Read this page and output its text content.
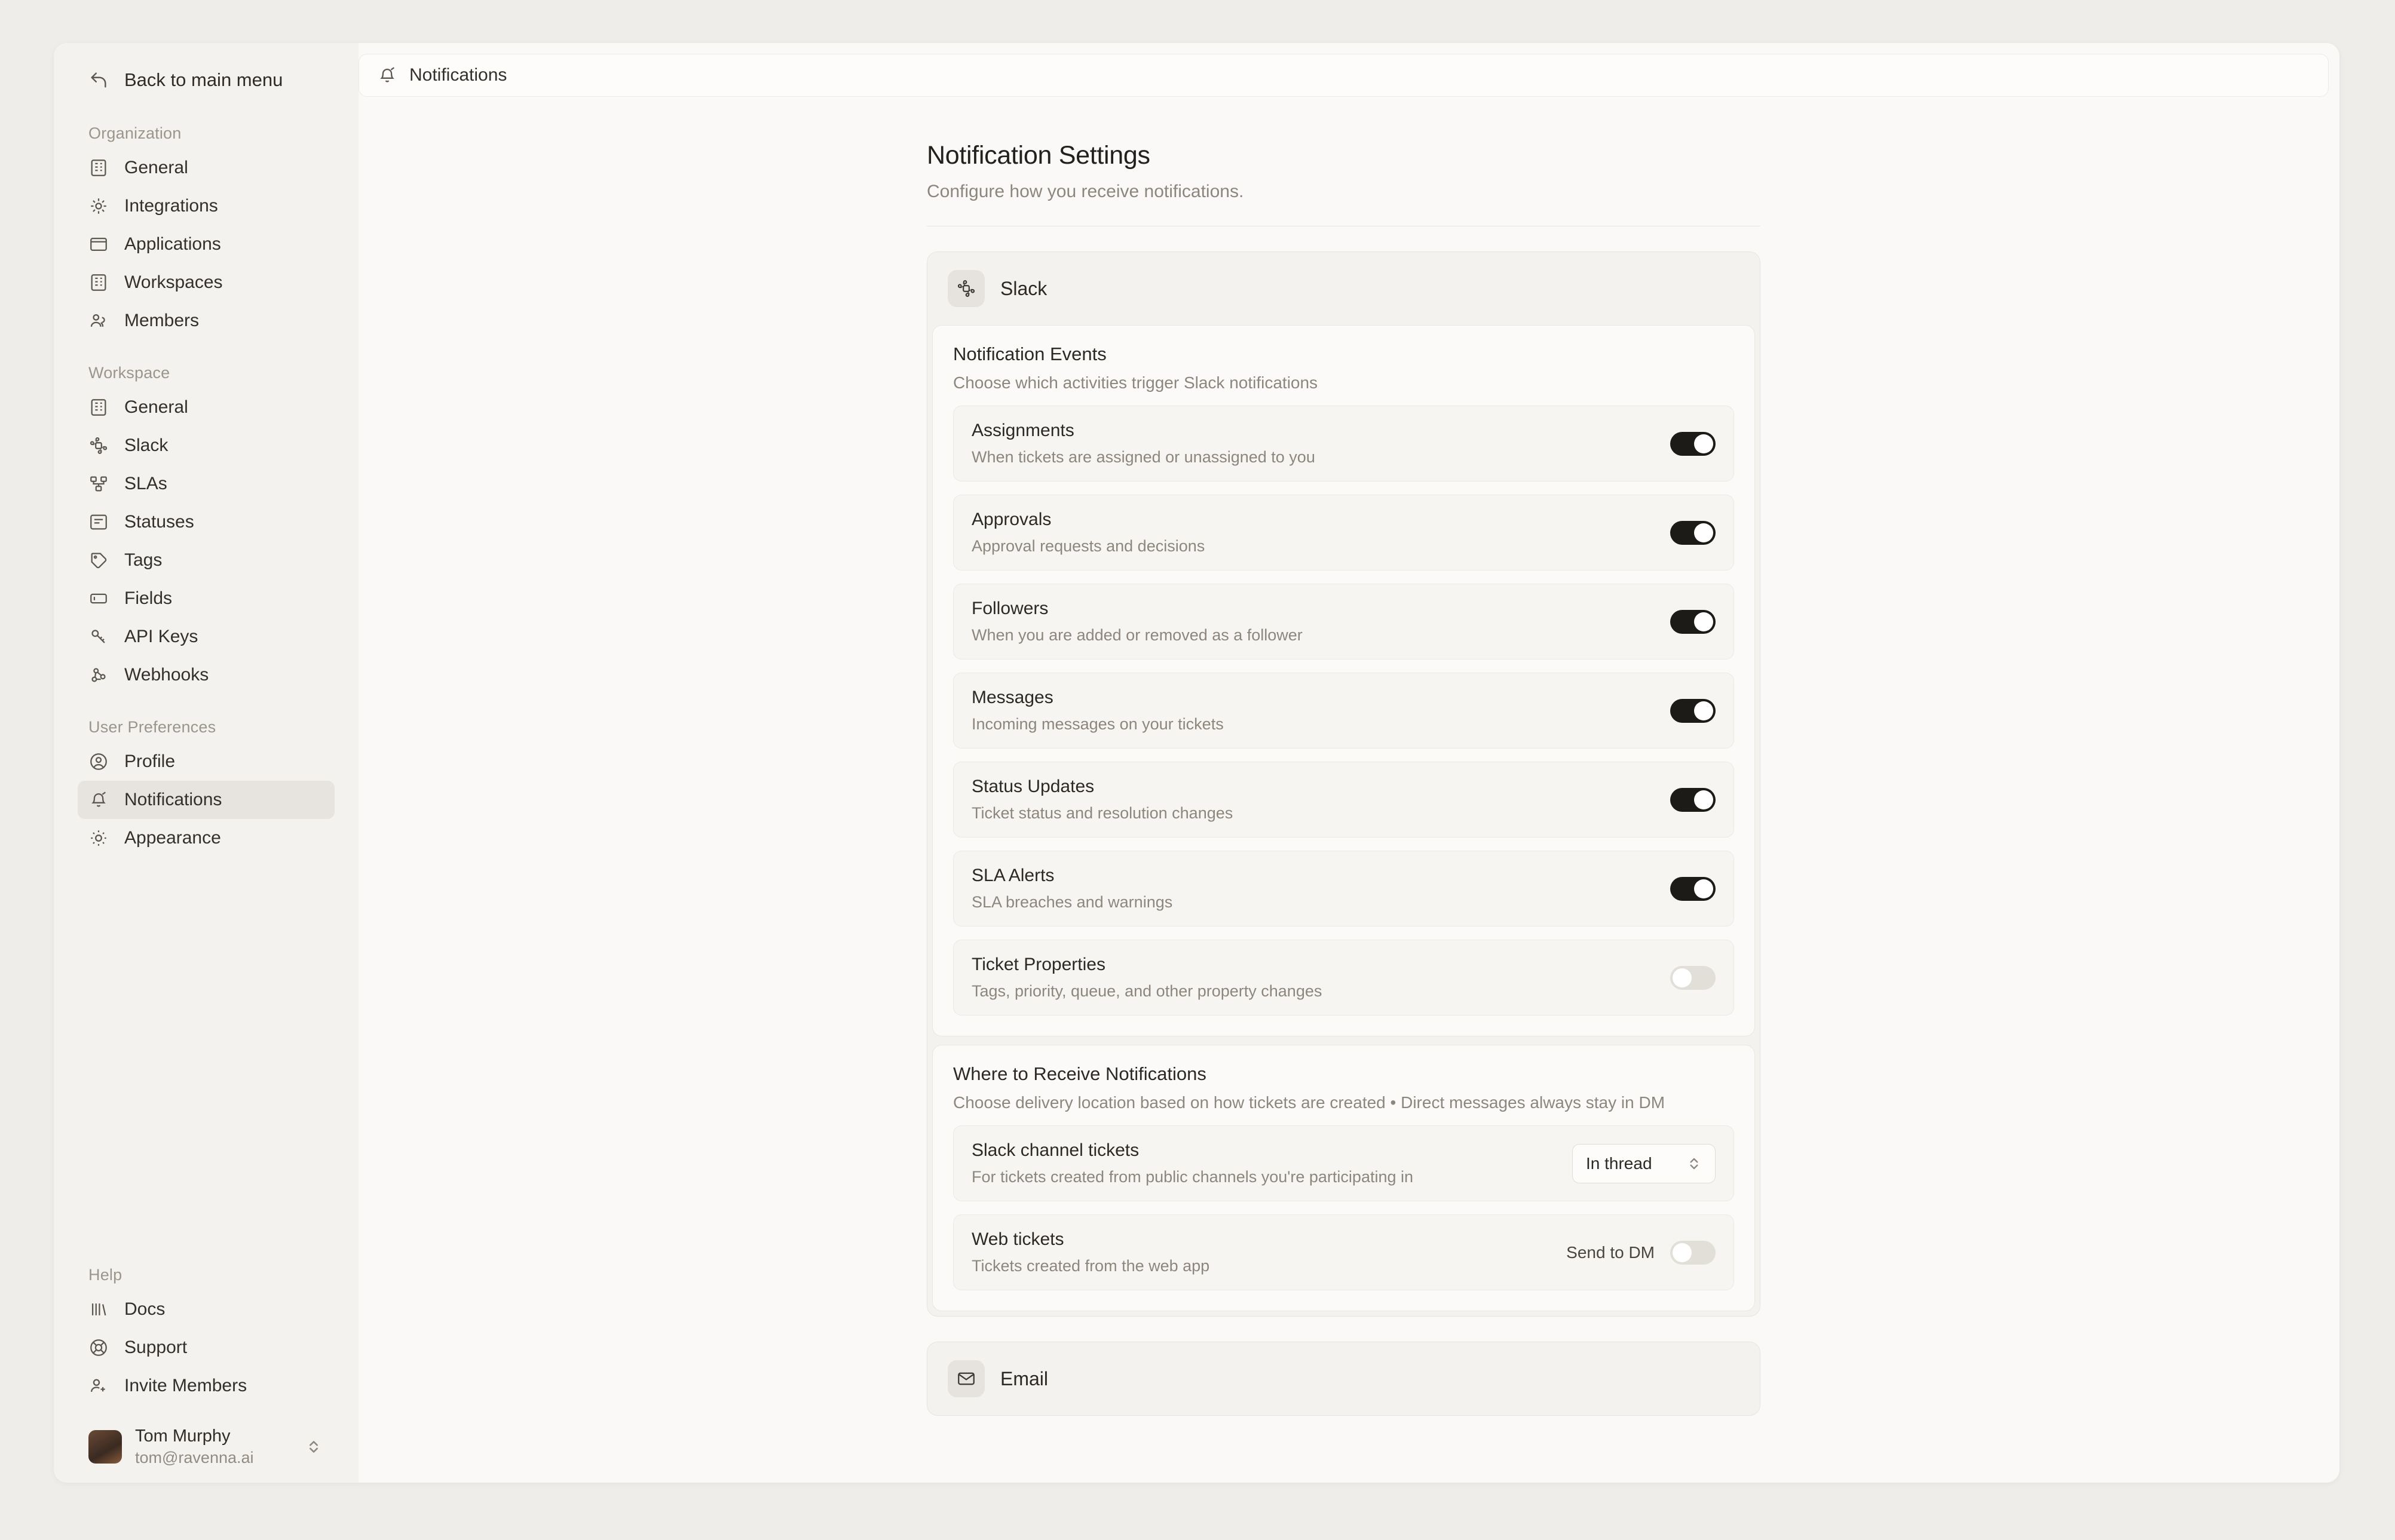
Back to main menu
Organization
General
Integrations
Applications
Workspaces
Members
Workspace
General
Slack
SLAs
Statuses
Tags
Fields
API Keys
Webhooks
User Preferences
Profile
Notifications
Appearance
Help
Docs
Support
Invite Members
Tom Murphy
tom@ravenna.ai
Notifications
Notification Settings
Configure how you receive notifications.
Slack
Notification Events
Choose which activities trigger Slack notifications
Assignments
When tickets are assigned or unassigned to you
Approvals
Approval requests and decisions
Followers
When you are added or removed as a follower
Messages
Incoming messages on your tickets
Status Updates
Ticket status and resolution changes
SLA Alerts
SLA breaches and warnings
Ticket Properties
Tags, priority, queue, and other property changes
Where to Receive Notifications
Choose delivery location based on how tickets are created • Direct messages always stay in DM
Slack channel tickets
For tickets created from public channels you're participating in
In thread
Web tickets
Tickets created from the web app
Send to DM
Email
